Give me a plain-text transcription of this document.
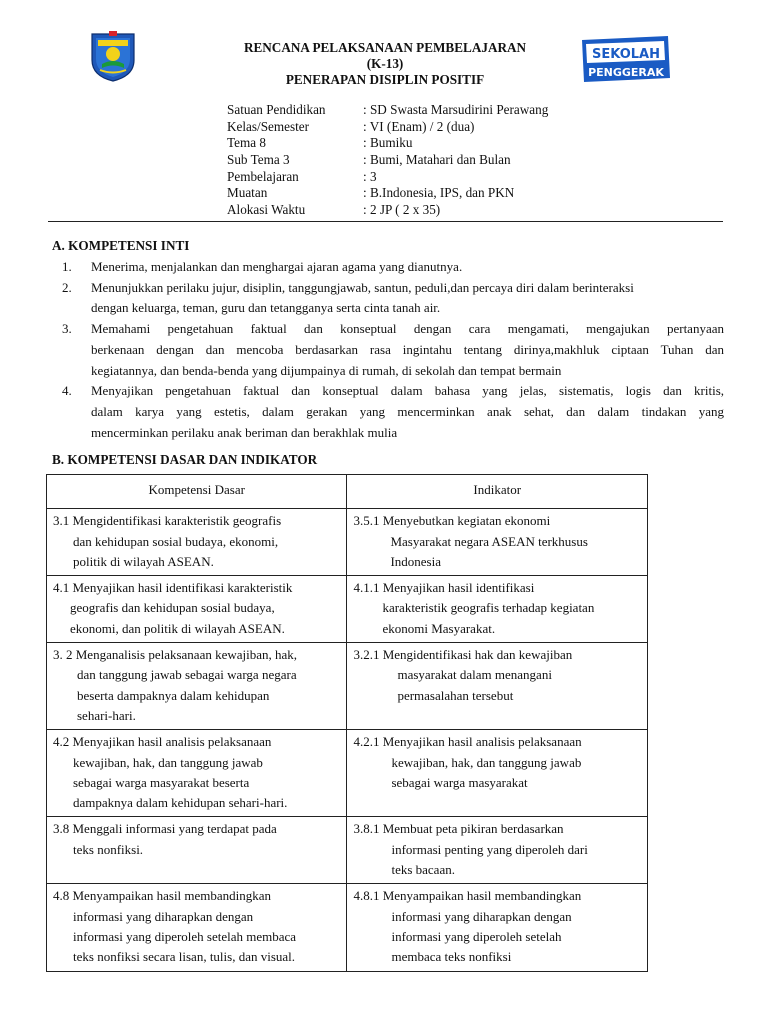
SEKOLAH
PENGGERAK
RENCANA PELAKSANAAN PEMBELAJARAN
(K-13)
PENERAPAN DISIPLIN POSITIF
Satuan Pendidikan	: SD Swasta Marsudirini Perawang
Kelas/Semester	: VI (Enam) / 2 (dua)
Tema 8	: Bumiku
Sub Tema 3	: Bumi, Matahari dan Bulan
Pembelajaran	: 3
Muatan	: B.Indonesia, IPS, dan PKN
Alokasi Waktu	: 2 JP ( 2 x 35)
A. KOMPETENSI INTI
1.	Menerima, menjalankan dan menghargai ajaran agama yang dianutnya.
2.	Menunjukkan perilaku jujur, disiplin, tanggungjawab, santun, peduli,dan percaya diri dalam berinteraksi
dengan keluarga, teman, guru dan tetangganya serta cinta tanah air.
3.	Memahami pengetahuan faktual dan konseptual dengan cara mengamati, mengajukan pertanyaan
berkenaan dengan dan mencoba berdasarkan rasa ingintahu tentang dirinya,makhluk ciptaan Tuhan dan
kegiatannya, dan benda-benda yang dijumpainya di rumah, di sekolah dan tempat bermain
4.	Menyajikan pengetahuan faktual dan konseptual dalam bahasa yang jelas, sistematis, logis dan kritis,
dalam karya yang estetis, dalam gerakan yang mencerminkan anak sehat, dan dalam tindakan yang
mencerminkan perilaku anak beriman dan berakhlak mulia
B. KOMPETENSI DASAR DAN INDIKATOR
Kompetensi Dasar	Indikator

3.1 Mengidentifikasi karakteristik geografis
dan kehidupan sosial budaya, ekonomi,
politik di wilayah ASEAN.	3.5.1 Menyebutkan kegiatan ekonomi
Masyarakat negara ASEAN terkhusus
Indonesia

4.1 Menyajikan hasil identifikasi karakteristik
geografis dan kehidupan sosial budaya,
ekonomi, dan politik di wilayah ASEAN.	4.1.1 Menyajikan hasil identifikasi
karakteristik geografis terhadap kegiatan
ekonomi Masyarakat.

3. 2 Menganalisis pelaksanaan kewajiban, hak,
dan tanggung jawab sebagai warga negara
beserta dampaknya dalam kehidupan
sehari-hari.	3.2.1 Mengidentifikasi hak dan kewajiban
masyarakat dalam menangani
permasalahan tersebut

4.2 Menyajikan hasil analisis pelaksanaan
kewajiban, hak, dan tanggung jawab
sebagai warga masyarakat beserta
dampaknya dalam kehidupan sehari-hari.	4.2.1 Menyajikan hasil analisis pelaksanaan
kewajiban, hak, dan tanggung jawab
sebagai warga masyarakat

3.8 Menggali informasi yang terdapat pada
teks nonfiksi.	3.8.1 Membuat peta pikiran berdasarkan
informasi penting yang diperoleh dari
teks bacaan.

4.8 Menyampaikan hasil membandingkan
informasi yang diharapkan dengan
informasi yang diperoleh setelah membaca
teks nonfiksi secara lisan, tulis, dan visual.	4.8.1 Menyampaikan hasil membandingkan
informasi yang diharapkan dengan
informasi yang diperoleh setelah
membaca teks nonfiksi
